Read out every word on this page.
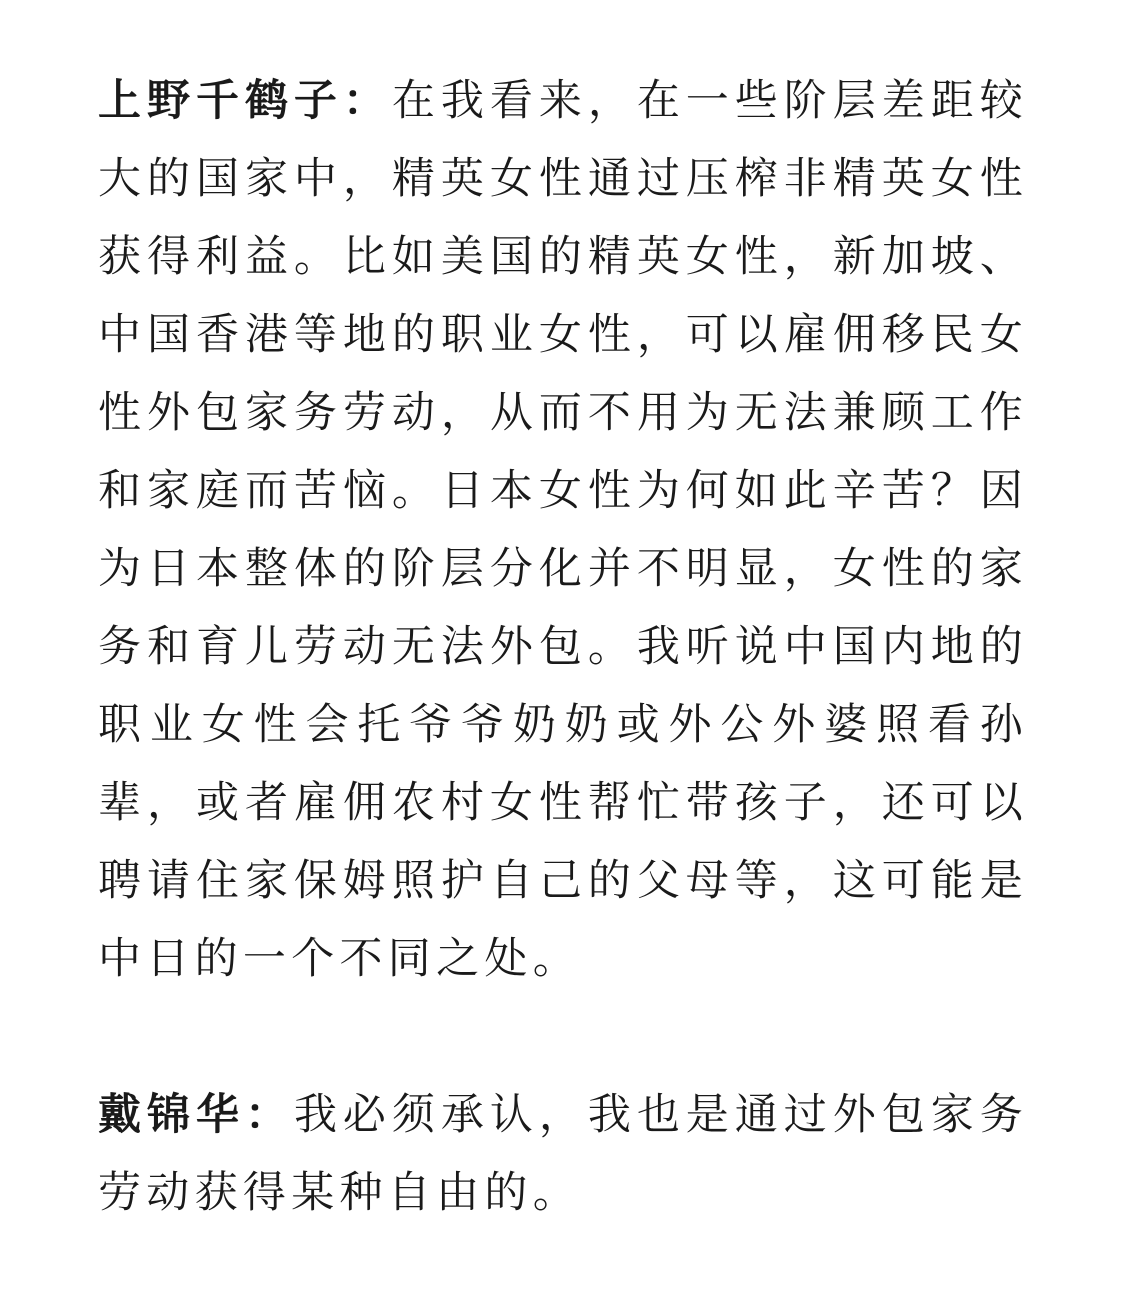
上野千鹤子：在我看来，在一些阶层差距较大的国家中，精英女性通过压榨非精英女性获得利益。比如美国的精英女性，新加坡、中国香港等地的职业女性，可以雇佣移民女性外包家务劳动，从而不用为无法兼顾工作和家庭而苦恼。日本女性为何如此辛苦？因为日本整体的阶层分化并不明显，女性的家务和育儿劳动无法外包。我听说中国内地的职业女性会托爷爷奶奶或外公外婆照看孙辈，或者雇佣农村女性帮忙带孩子，还可以聘请住家保姆照护自己的父母等，这可能是中日的一个不同之处。

戴锦华：我必须承认，我也是通过外包家务劳动获得某种自由的。
